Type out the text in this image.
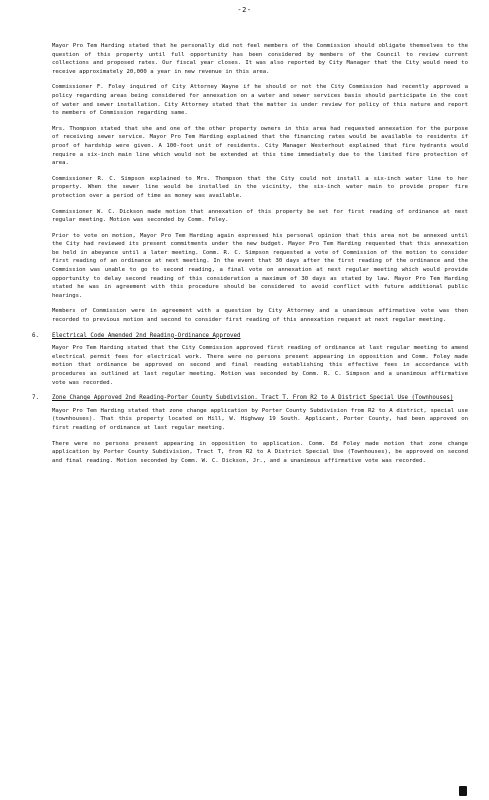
-2-

Mayor Pro Tem Harding stated that he personally did not feel members of the Commission should obligate themselves to the question of this property until full opportunity has been considered by members of the Council to review current collections and proposed rates. Our fiscal year closes. It was also reported by City Manager that the City would need to receive approximately 20,000 a year in new revenue in this area.

Commissioner F. Foley inquired of City Attorney Wayne if he should or not the City Commission had recently approved a policy regarding areas being considered for annexation on a water and sewer services basis should participate in the cost of water and sewer installation. City Attorney stated that the matter is under review for policy of this nature and report to members of Commission regarding same.

Mrs. Thompson stated that she and one of the other property owners in this area had requested annexation for the purpose of receiving sewer service. Mayor Pro Tem Harding explained that the financing rates would be available to residents if proof of hardship were given. A 100-foot unit of residents. City Manager Westerhout explained that fire hydrants would require a six-inch main line which would not be extended at this time immediately due to the limited fire protection of area.

Commissioner R. C. Simpson explained to Mrs. Thompson that the City could not install a six-inch water line to her property. When the sewer line would be installed in the vicinity, the six-inch water main to provide proper fire protection over a period of time as money was available.

Commissioner W. C. Dickson made motion that annexation of this property be set for first reading of ordinance at next regular meeting. Motion was seconded by Comm. Foley.

Prior to vote on motion, Mayor Pro Tem Harding again expressed his personal opinion that this area not be annexed until the City had reviewed its present commitments under the new budget. Mayor Pro Tem Harding requested that this annexation be held in abeyance until a later meeting. Comm. R. C. Simpson requested a vote of Commission of the motion to consider first reading of an ordinance at next meeting. In the event that 30 days after the first reading of the ordinance and the Commission was unable to go to second reading, a final vote on annexation at next regular meeting which would provide opportunity to delay second reading of this consideration a maximum of 30 days as stated by law. Mayor Pro Tem Harding stated he was in agreement with this procedure should be considered to avoid conflict with future additional public hearings.

Members of Commission were in agreement with a question by City Attorney and a unanimous affirmative vote was then recorded to previous motion and second to consider first reading of this annexation request at next regular meeting.

6. Electrical Code Amended 2nd Reading-Ordinance Approved

Mayor Pro Tem Harding stated that the City Commission approved first reading of ordinance at last regular meeting to amend electrical permit fees for electrical work. There were no persons present appearing in opposition and Comm. Foley made motion that ordinance be approved on second and final reading establishing this effective fees in accordance with procedures as outlined at last regular meeting. Motion was seconded by Comm. R. C. Simpson and a unanimous affirmative vote was recorded.

7. Zone Change Approved 2nd Reading-Porter County Subdivision. Tract T. From R2 to A District Special Use (Townhouses)

Mayor Pro Tem Harding stated that zone change application by Porter County Subdivision from R2 to A district, special use (townhouses). That this property located on Hill, W. Highway 19 South. Applicant, Porter County, had been approved on first reading of ordinance at last regular meeting.

There were no persons present appearing in opposition to application. Comm. Ed Foley made motion that zone change application by Porter County Subdivision, Tract T, from R2 to A District Special Use (Townhouses), be approved on second and final reading. Motion seconded by Comm. W. C. Dickson, Jr., and a unanimous affirmative vote was recorded.
